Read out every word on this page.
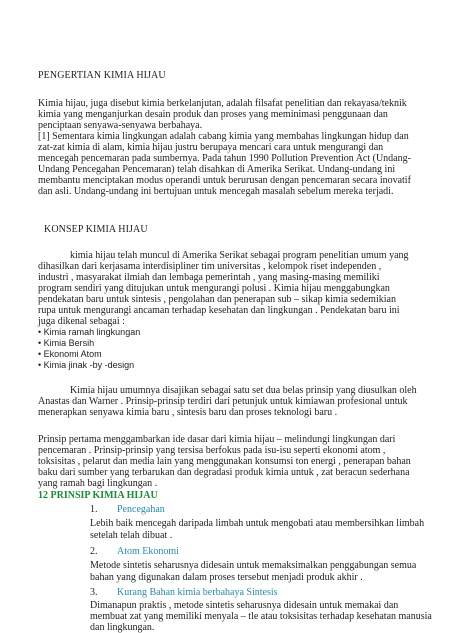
PENGERTIAN KIMIA HIJAU
Kimia hijau, juga disebut kimia berkelanjutan, adalah filsafat penelitian dan rekayasa/teknik
kimia yang menganjurkan desain produk dan proses yang meminimasi penggunaan dan
penciptaan senyawa-senyawa berbahaya.
[1] Sementara kimia lingkungan adalah cabang kimia yang membahas lingkungan hidup dan
zat-zat kimia di alam, kimia hijau justru berupaya mencari cara untuk mengurangi dan
mencegah pencemaran pada sumbernya. Pada tahun 1990 Pollution Prevention Act (Undang-
Undang Pencegahan Pencemaran) telah disahkan di Amerika Serikat. Undang-undang ini
membantu menciptakan modus operandi untuk berurusan dengan pencemaran secara inovatif
dan asli. Undang-undang ini bertujuan untuk mencegah masalah sebelum mereka terjadi.
KONSEP KIMIA HIJAU
kimia hijau telah muncul di Amerika Serikat sebagai program penelitian umum yang
dihasilkan dari kerjasama interdisipliner tim universitas , kelompok riset independen ,
industri , masyarakat ilmiah dan lembaga pemerintah , yang masing-masing memiliki
program sendiri yang ditujukan untuk mengurangi polusi . Kimia hijau menggabungkan
pendekatan baru untuk sintesis , pengolahan dan penerapan sub – sikap kimia sedemikian
rupa untuk mengurangi ancaman terhadap kesehatan dan lingkungan . Pendekatan baru ini
juga dikenal sebagai :
• Kimia ramah lingkungan
• Kimia Bersih
• Ekonomi Atom
• Kimia jinak -by -design
Kimia hijau umumnya disajikan sebagai satu set dua belas prinsip yang diusulkan oleh
Anastas dan Warner . Prinsip-prinsip terdiri dari petunjuk untuk kimiawan profesional untuk
menerapkan senyawa kimia baru , sintesis baru dan proses teknologi baru .
Prinsip pertama menggambarkan ide dasar dari kimia hijau – melindungi lingkungan dari
pencemaran . Prinsip-prinsip yang tersisa berfokus pada isu-isu seperti ekonomi atom ,
toksisitas , pelarut dan media lain yang menggunakan konsumsi ton energi , penerapan bahan
baku dari sumber yang terbarukan dan degradasi produk kimia untuk , zat beracun sederhana
yang ramah bagi lingkungan .
12 PRINSIP KIMIA HIJAU
1. Pencegahan
Lebih baik mencegah daripada limbah untuk mengobati atau membersihkan limbah
setelah telah dibuat .
2. Atom Ekonomi
Metode sintetis seharusnya didesain untuk memaksimalkan penggabungan semua
bahan yang digunakan dalam proses tersebut menjadi produk akhir .
3. Kurang Bahan kimia berbahaya Sintesis
Dimanapun praktis , metode sintetis seharusnya didesain untuk memakai dan
membuat zat yang memiliki menyala – tle atau toksisitas terhadap kesehatan manusia
dan lingkungan.
